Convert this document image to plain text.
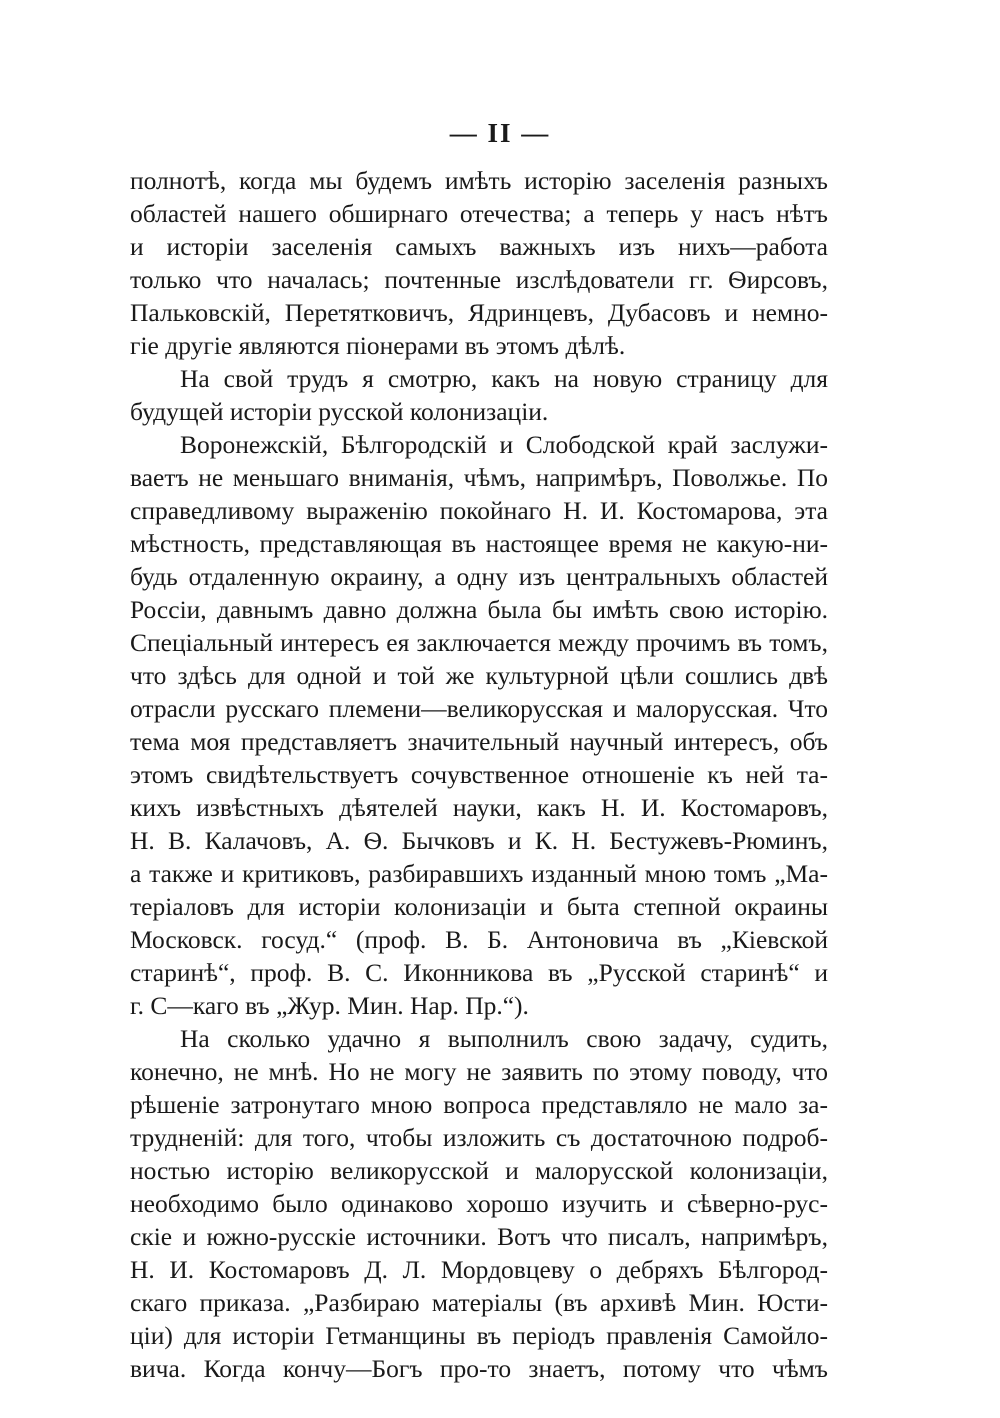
— II —
полнотѣ, когда мы будемъ имѣть исторію заселенія разныхъ
областей нашего обширнаго отечества; а теперь у насъ нѣтъ
и исторіи заселенія самыхъ важныхъ изъ нихъ—работа
только что началась; почтенные изслѣдователи гг. Ѳирсовъ,
Пальковскій, Перетятковичъ, Ядринцевъ, Дубасовъ и немно-
гіе другіе являются піонерами въ этомъ дѣлѣ.
На свой трудъ я смотрю, какъ на новую страницу для
будущей исторіи русской колонизаціи.
Воронежскій, Бѣлгородскій и Слободской край заслужи-
ваетъ не меньшаго вниманія, чѣмъ, напримѣръ, Поволжье. По
справедливому выраженію покойнаго Н. И. Костомарова, эта
мѣстность, представляющая въ настоящее время не какую-ни-
будь отдаленную окраину, а одну изъ центральныхъ областей
Россіи, давнымъ давно должна была бы имѣть свою исторію.
Спеціальный интересъ ея заключается между прочимъ въ томъ,
что здѣсь для одной и той же культурной цѣли сошлись двѣ
отрасли русскаго племени—великорусская и малорусская. Что
тема моя представляетъ значительный научный интересъ, объ
этомъ свидѣтельствуетъ сочувственное отношеніе къ ней та-
кихъ извѣстныхъ дѣятелей науки, какъ Н. И. Костомаровъ,
Н. В. Калачовъ, А. Ѳ. Бычковъ и К. Н. Бестужевъ-Рюминъ,
а также и критиковъ, разбиравшихъ изданный мною томъ „Ма-
теріаловъ для исторіи колонизаціи и быта степной окраины
Московск. госуд.“ (проф. В. Б. Антоновича въ „Кіевской
старинѣ“, проф. В. С. Иконникова въ „Русской старинѣ“ и
г. С—каго въ „Жур. Мин. Нар. Пр.“).
На сколько удачно я выполнилъ свою задачу, судить,
конечно, не мнѣ. Но не могу не заявить по этому поводу, что
рѣшеніе затронутаго мною вопроса представляло не мало за-
трудненій: для того, чтобы изложить съ достаточною подроб-
ностью исторію великорусской и малорусской колонизаціи,
необходимо было одинаково хорошо изучить и сѣверно-рус-
скіе и южно-русскіе источники. Вотъ что писалъ, напримѣръ,
Н. И. Костомаровъ Д. Л. Мордовцеву о дебряхъ Бѣлгород-
скаго приказа. „Разбираю матеріалы (въ архивѣ Мин. Юсти-
ціи) для исторіи Гетманщины въ періодъ правленія Самойло-
вича. Когда кончу—Богъ про-то знаетъ, потому что чѣмъ
